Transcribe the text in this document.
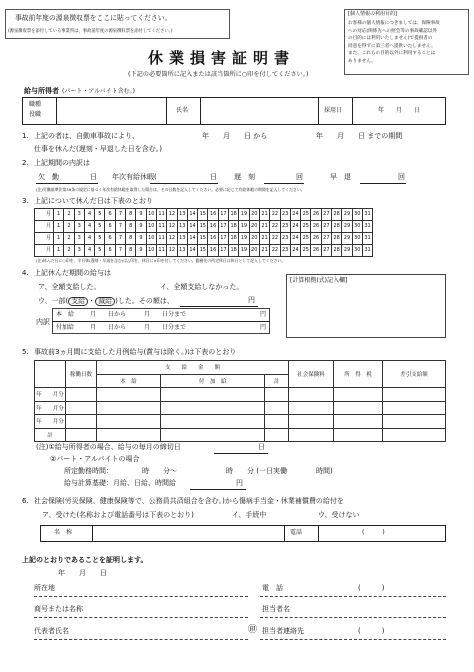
事故前年度の源泉徴収票をここに貼ってください。
(源泉徴収票を添付している事業所は、事故前年度の源泉徴収票を添付してください。)
[個人情報の利用目的]
お客様の個人情報につきましては、保険事故
への対応(関係先への照会等の事故確認以外
の目的には利用いたしません)で提供者の
同意を得ずに第三者へ提供いたしません。
また、これらの目的以外に利用することは
ありません。
休業損害証明書
(下記の必要箇所に記入または該当箇所に○印を付してください。)
給与所得者 (パート・アルバイト含む。)
職種
役職
氏名	採用日	年　　月　　日
1. 上記の者は、自動車事故により、	年　　月　　日 から	年　　月　　日 までの期間
仕事を休んだ(遅刻・早退した日を含む。)
2. 上記期間の内訳は
欠　勤	日 年次有給休暇(	日 遅　刻	回	早　退	回
(注)労働基準法第39条の規定に基づく年次有給休暇を取得した場合は、その日数を記入してください。必要に応じて有給休暇の期間を記入してください。
3. 上記について休んだ日は下表のとおり
月	1	2	3	4	5	6	7	8	9	10	11	12	13	14	15	16	17	18	19	20	21	22	23	24	25	26	27	28	29	30	31
月	1	2	3	4	5	6	7	8	9	10	11	12	13	14	15	16	17	18	19	20	21	22	23	24	25	26	27	28	29	30	31
月	1	2	3	4	5	6	7	8	9	10	11	12	13	14	15	16	17	18	19	20	21	22	23	24	25	26	27	28	29	30	31
月	1	2	3	4	5	6	7	8	9	10	11	12	13	14	15	16	17	18	19	20	21	22	23	24	25	26	27	28	29	30	31
(注)休んだ日に○印を、半日休(遅刻・早退を含む)は△印を、休日に×印を付してください。勤務先の所定休日は休日として記入してください。
4. 上記休んだ期間の給与は
ア、全額支給した。	イ、全額支給しなかった。
ウ、一部( 支給 ・ 減給 )した。その額は、	円
内訳
本　給	月　　日から　　　月　　日分まで	円
付加給	月　　日から　　　月　　日分まで	円
[計算根拠(式)記入欄]
5. 事故前3ヵ月間に支給した月例給与(賞与は除く。)は下表のとおり
	稼働日数	支　　給　　金　　額			社会保険料	所　得　税	差引支給額
		本　給	付　加　給	計			
年　　月分							
年　　月分							
年　　月分							
計							
(注)①給与所得者の場合、給与の毎月の締切日	日
②パート・アルバイトの場合
所定勤務時間：	時　　分〜	時　　分 (一日実働	時間)
給与計算基礎：月給、日給、時間給	円
6. 社会保険(労災保険、健康保険等で、公務員共済組合を含む。)から傷病手当金・休業補償費の給付を
ア、受けた(名称および電話番号は下表のとおり)	イ、手続中	ウ、受けない
名　称	電話	(　　　)
上記のとおりであることを証明します。
年　　月　　日
所在地	電　話	(　　　)
商号または名称	担当者名
代表者氏名	㊞ 担当者連絡先	(　　　)
